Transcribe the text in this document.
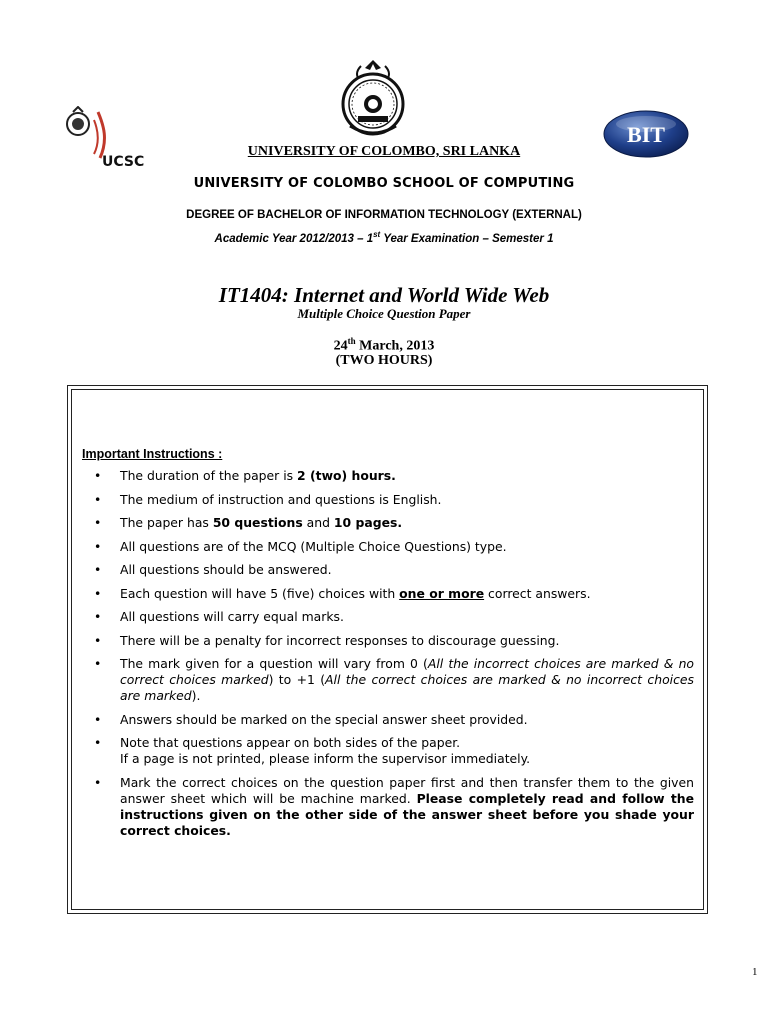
UCSC
BIT
UNIVERSITY OF COLOMBO, SRI LANKA
UNIVERSITY OF COLOMBO SCHOOL OF COMPUTING
DEGREE OF BACHELOR OF INFORMATION TECHNOLOGY (EXTERNAL)
Academic Year 2012/2013 – 1st Year Examination – Semester 1
IT1404: Internet and World Wide Web
Multiple Choice Question Paper
24th March, 2013
(TWO HOURS)
Important Instructions :
• The duration of the paper is 2 (two) hours.
• The medium of instruction and questions is English.
• The paper has 50 questions and 10 pages.
• All questions are of the MCQ (Multiple Choice Questions) type.
• All questions should be answered.
• Each question will have 5 (five) choices with one or more correct answers.
• All questions will carry equal marks.
• There will be a penalty for incorrect responses to discourage guessing.
• The mark given for a question will vary from 0 (All the incorrect choices are marked & no correct choices marked) to +1 (All the correct choices are marked & no incorrect choices are marked).
• Answers should be marked on the special answer sheet provided.
• Note that questions appear on both sides of the paper.
If a page is not printed, please inform the supervisor immediately.
• Mark the correct choices on the question paper first and then transfer them to the given answer sheet which will be machine marked. Please completely read and follow the instructions given on the other side of the answer sheet before you shade your correct choices.
1
